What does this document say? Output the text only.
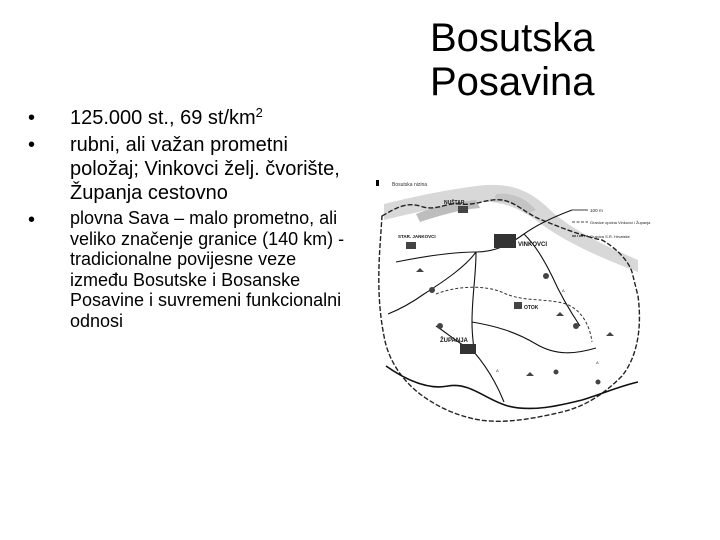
Bosutska
Posavina
• 125.000 st., 69 $st/km^2$
• rubni, ali važan prometni položaj; Vinkovci želj. čvorište, Županja cestovno
• plovna Sava – malo prometno, ali veliko značenje granice (140 km) - tradicionalne povijesne veze između Bosutske i Bosanske Posavine i suvremeni funkcionalni odnosi
Bosutska nizina
VINKOVCI
ŽUPANJA
OTOK
NUŠTAR
STAR. JANKOVCI
100 m
Granice općina Vinkovci i Županja
Granica S.R. Hrvatske
A
A
A
